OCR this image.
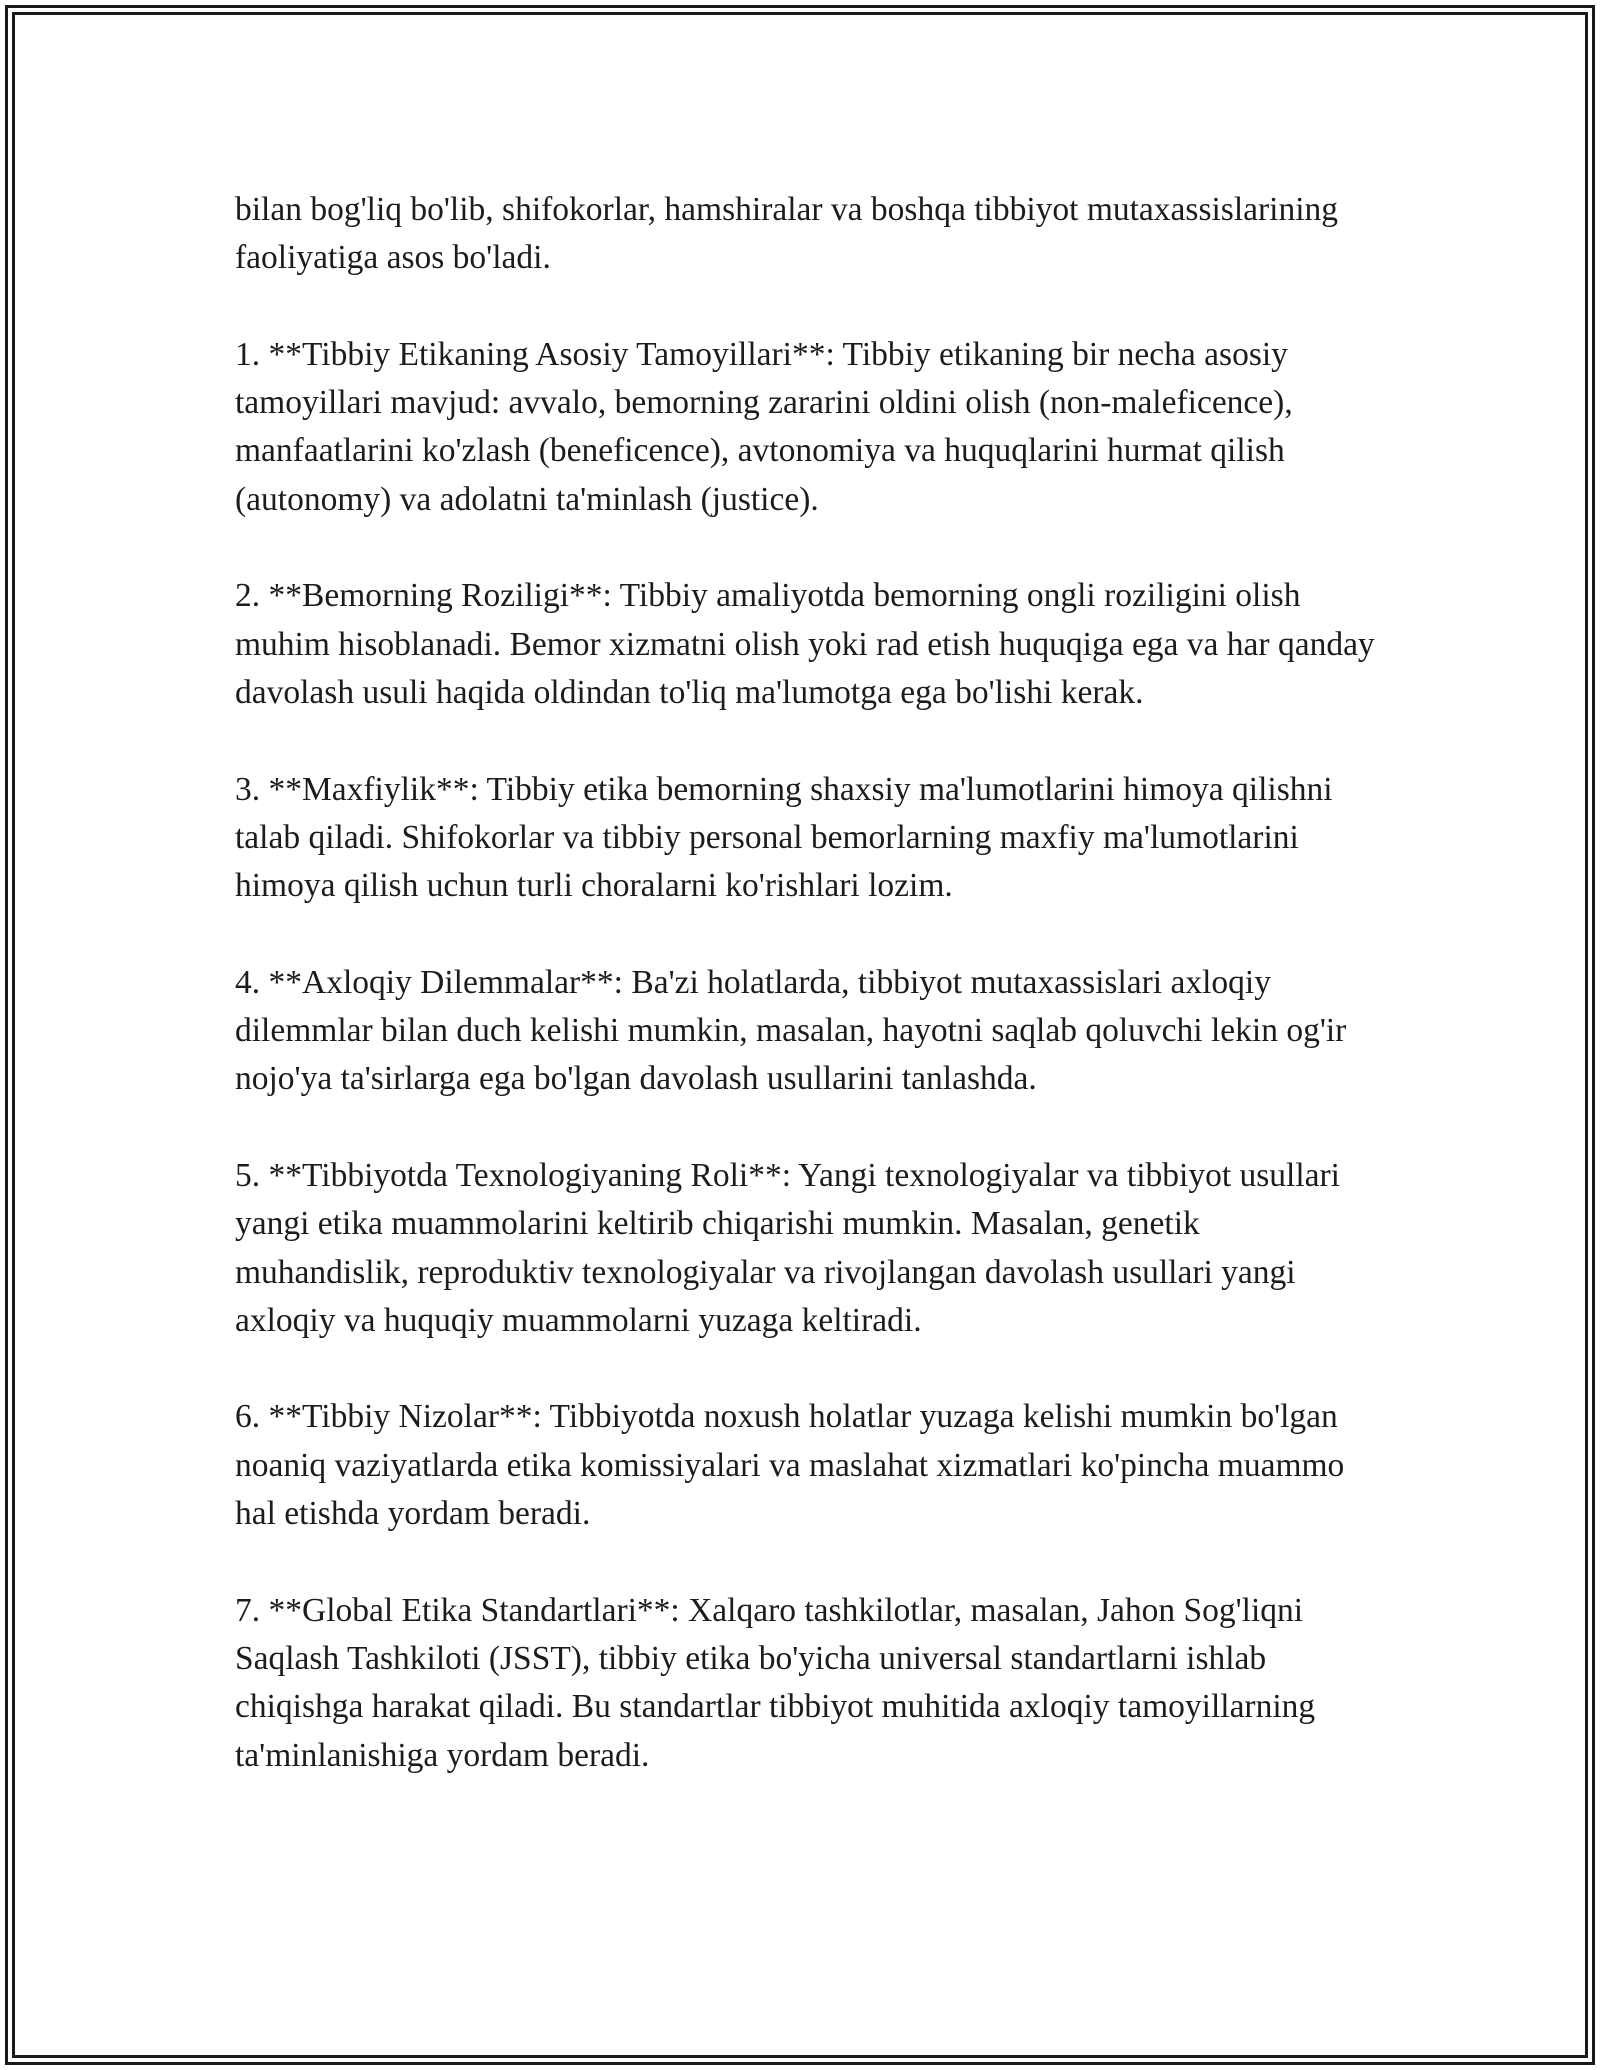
bilan bog'liq bo'lib, shifokorlar, hamshiralar va boshqa tibbiyot mutaxassislarining faoliyatiga asos bo'ladi.

1. **Tibbiy Etikaning Asosiy Tamoyillari**: Tibbiy etikaning bir necha asosiy tamoyillari mavjud: avvalo, bemorning zararini oldini olish (non-maleficence), manfaatlarini ko'zlash (beneficence), avtonomiya va huquqlarini hurmat qilish (autonomy) va adolatni ta'minlash (justice).

2. **Bemorning Roziligi**: Tibbiy amaliyotda bemorning ongli roziligini olish muhim hisoblanadi. Bemor xizmatni olish yoki rad etish huquqiga ega va har qanday davolash usuli haqida oldindan to'liq ma'lumotga ega bo'lishi kerak.

3. **Maxfiylik**: Tibbiy etika bemorning shaxsiy ma'lumotlarini himoya qilishni talab qiladi. Shifokorlar va tibbiy personal bemorlarning maxfiy ma'lumotlarini himoya qilish uchun turli choralarni ko'rishlari lozim.

4. **Axloqiy Dilemmalar**: Ba'zi holatlarda, tibbiyot mutaxassislari axloqiy dilemmlar bilan duch kelishi mumkin, masalan, hayotni saqlab qoluvchi lekin og'ir nojo'ya ta'sirlarga ega bo'lgan davolash usullarini tanlashda.

5. **Tibbiyotda Texnologiyaning Roli**: Yangi texnologiyalar va tibbiyot usullari yangi etika muammolarini keltirib chiqarishi mumkin. Masalan, genetik muhandislik, reproduktiv texnologiyalar va rivojlangan davolash usullari yangi axloqiy va huquqiy muammolarni yuzaga keltiradi.

6. **Tibbiy Nizolar**: Tibbiyotda noxush holatlar yuzaga kelishi mumkin bo'lgan noaniq vaziyatlarda etika komissiyalari va maslahat xizmatlari ko'pincha muammo hal etishda yordam beradi.

7. **Global Etika Standartlari**: Xalqaro tashkilotlar, masalan, Jahon Sog'liqni Saqlash Tashkiloti (JSST), tibbiy etika bo'yicha universal standartlarni ishlab chiqishga harakat qiladi. Bu standartlar tibbiyot muhitida axloqiy tamoyillarning ta'minlanishiga yordam beradi.
